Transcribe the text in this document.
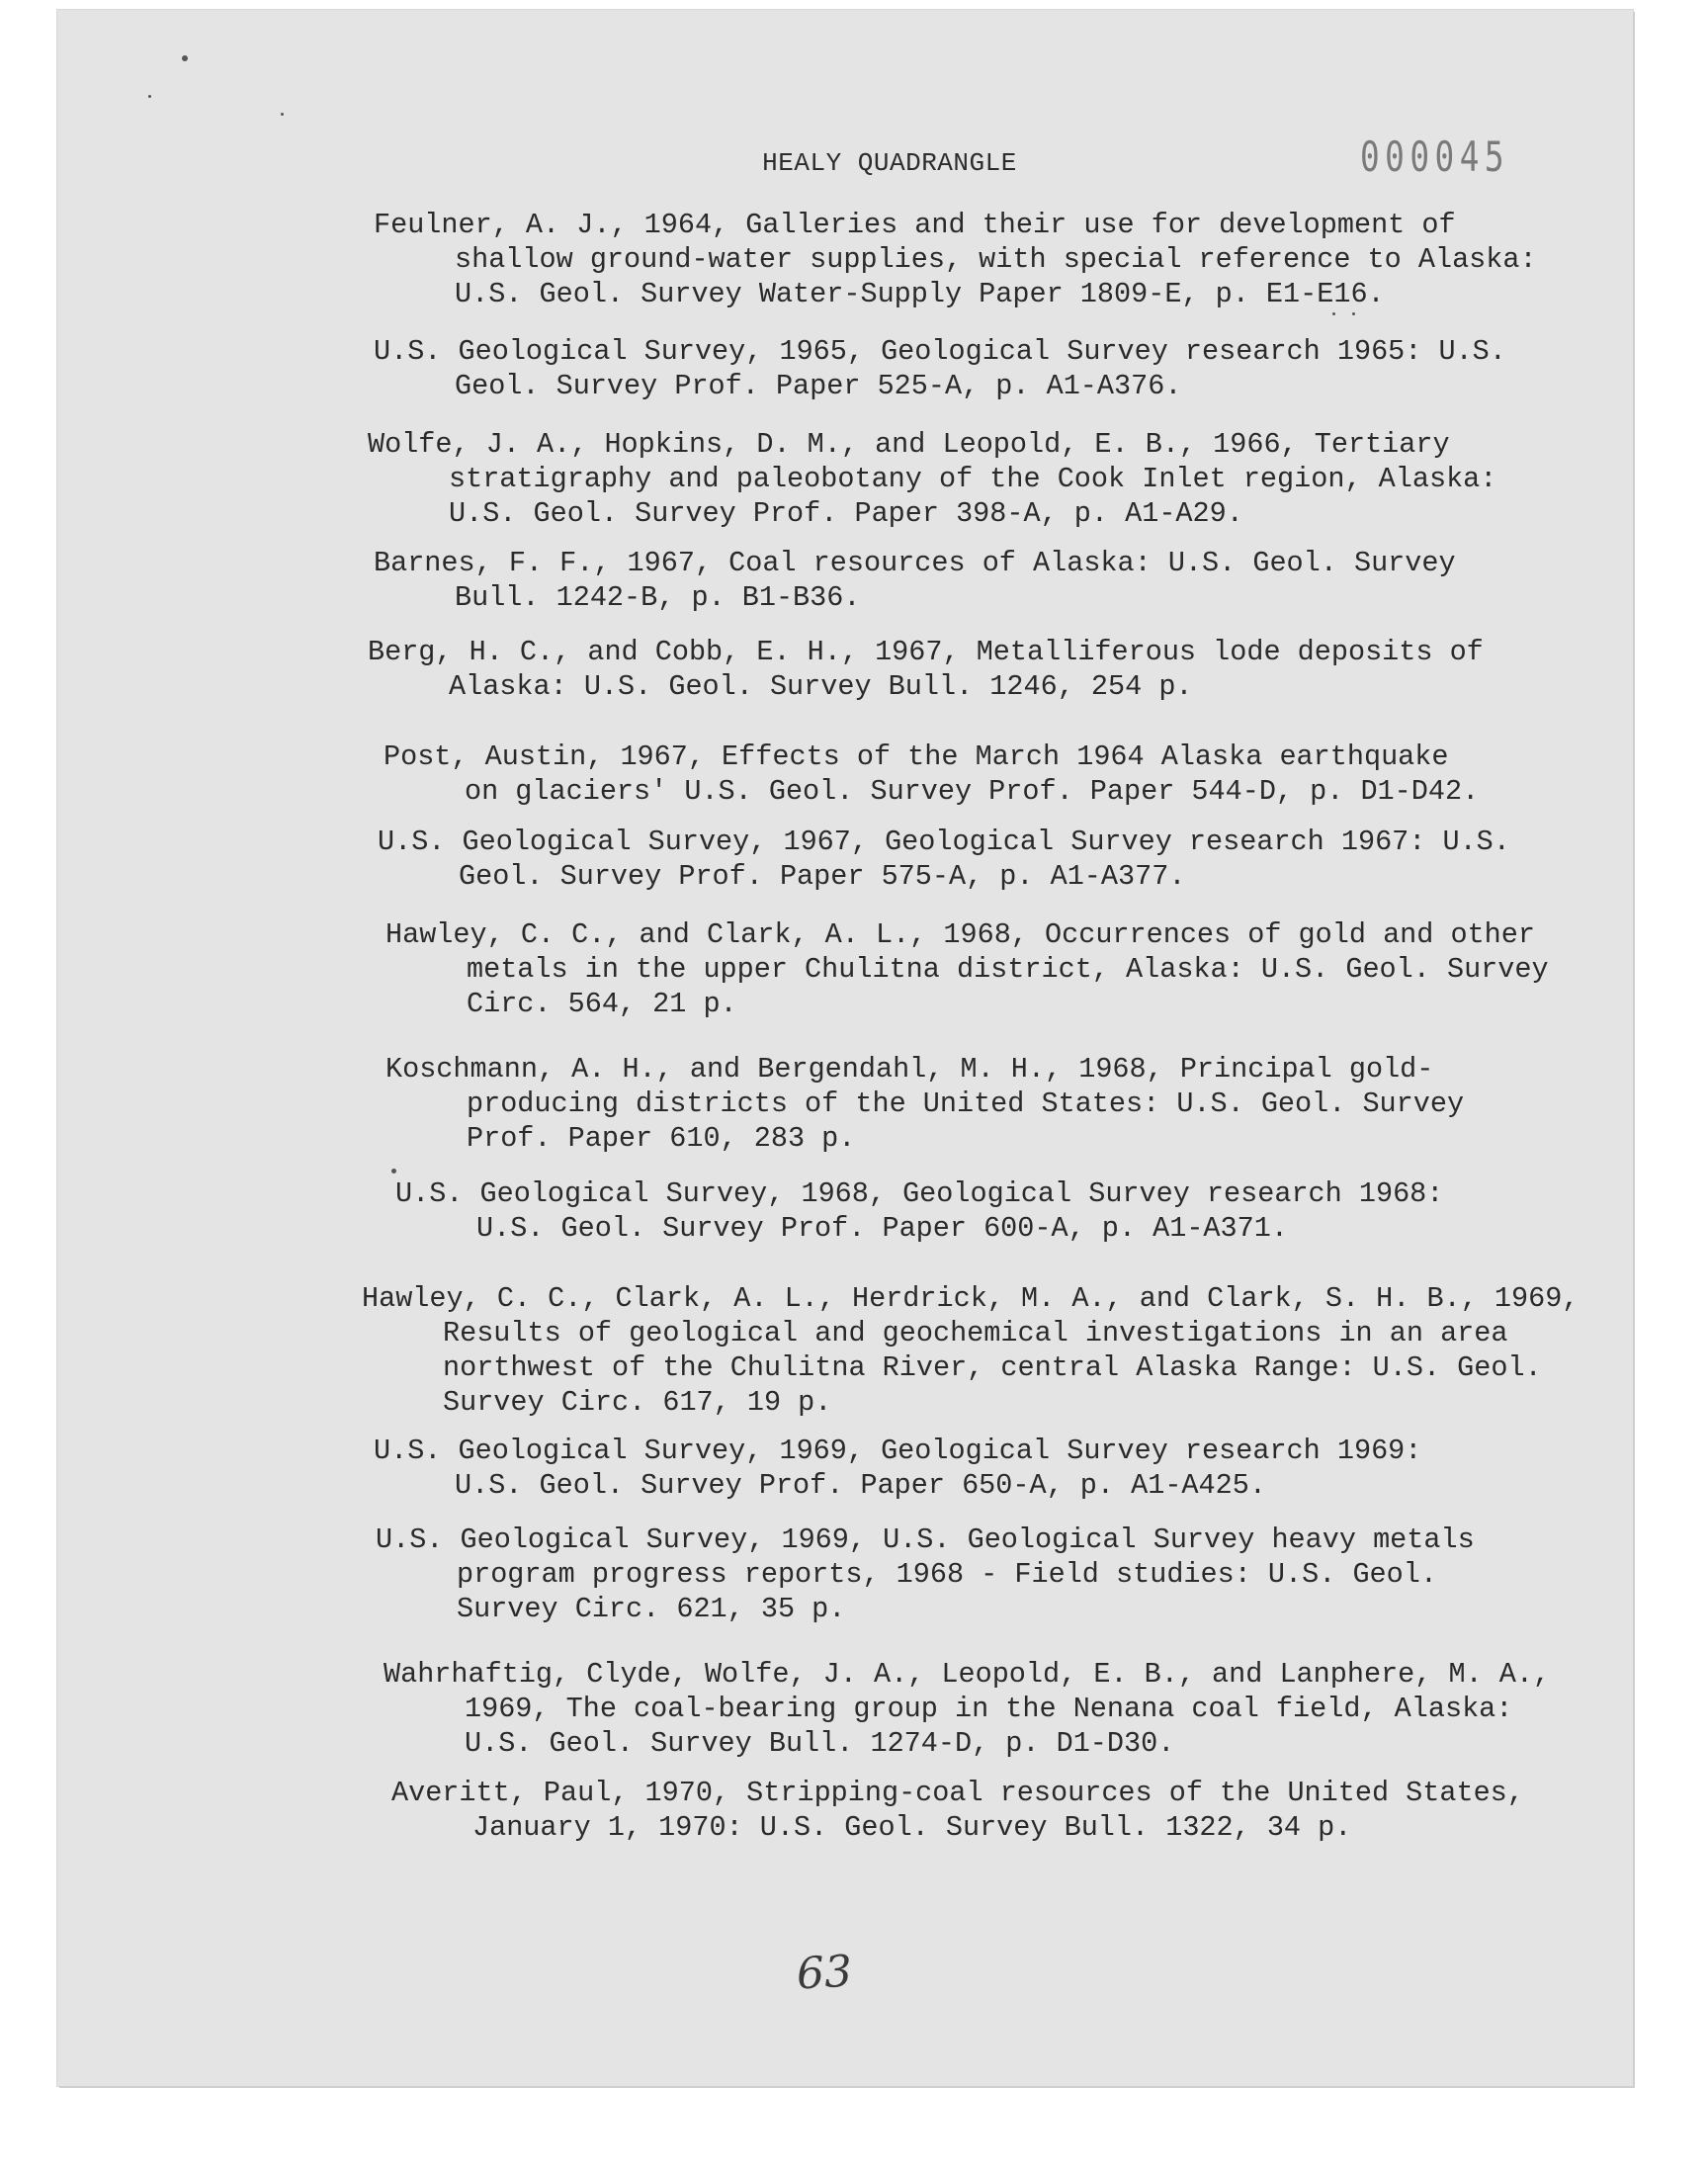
HEALY QUADRANGLE	000045
Feulner, A. J., 1964, Galleries and their use for development of
shallow ground-water supplies, with special reference to Alaska:
U.S. Geol. Survey Water-Supply Paper 1809-E, p. E1-E16.
U.S. Geological Survey, 1965, Geological Survey research 1965: U.S.
Geol. Survey Prof. Paper 525-A, p. A1-A376.
Wolfe, J. A., Hopkins, D. M., and Leopold, E. B., 1966, Tertiary
stratigraphy and paleobotany of the Cook Inlet region, Alaska:
U.S. Geol. Survey Prof. Paper 398-A, p. A1-A29.
Barnes, F. F., 1967, Coal resources of Alaska: U.S. Geol. Survey
Bull. 1242-B, p. B1-B36.
Berg, H. C., and Cobb, E. H., 1967, Metalliferous lode deposits of
Alaska: U.S. Geol. Survey Bull. 1246, 254 p.
Post, Austin, 1967, Effects of the March 1964 Alaska earthquake
on glaciers' U.S. Geol. Survey Prof. Paper 544-D, p. D1-D42.
U.S. Geological Survey, 1967, Geological Survey research 1967: U.S.
Geol. Survey Prof. Paper 575-A, p. A1-A377.
Hawley, C. C., and Clark, A. L., 1968, Occurrences of gold and other
metals in the upper Chulitna district, Alaska: U.S. Geol. Survey
Circ. 564, 21 p.
Koschmann, A. H., and Bergendahl, M. H., 1968, Principal gold-
producing districts of the United States: U.S. Geol. Survey
Prof. Paper 610, 283 p.
U.S. Geological Survey, 1968, Geological Survey research 1968:
U.S. Geol. Survey Prof. Paper 600-A, p. A1-A371.
Hawley, C. C., Clark, A. L., Herdrick, M. A., and Clark, S. H. B., 1969,
Results of geological and geochemical investigations in an area
northwest of the Chulitna River, central Alaska Range: U.S. Geol.
Survey Circ. 617, 19 p.
U.S. Geological Survey, 1969, Geological Survey research 1969:
U.S. Geol. Survey Prof. Paper 650-A, p. A1-A425.
U.S. Geological Survey, 1969, U.S. Geological Survey heavy metals
program progress reports, 1968 - Field studies: U.S. Geol.
Survey Circ. 621, 35 p.
Wahrhaftig, Clyde, Wolfe, J. A., Leopold, E. B., and Lanphere, M. A.,
1969, The coal-bearing group in the Nenana coal field, Alaska:
U.S. Geol. Survey Bull. 1274-D, p. D1-D30.
Averitt, Paul, 1970, Stripping-coal resources of the United States,
January 1, 1970: U.S. Geol. Survey Bull. 1322, 34 p.
63
